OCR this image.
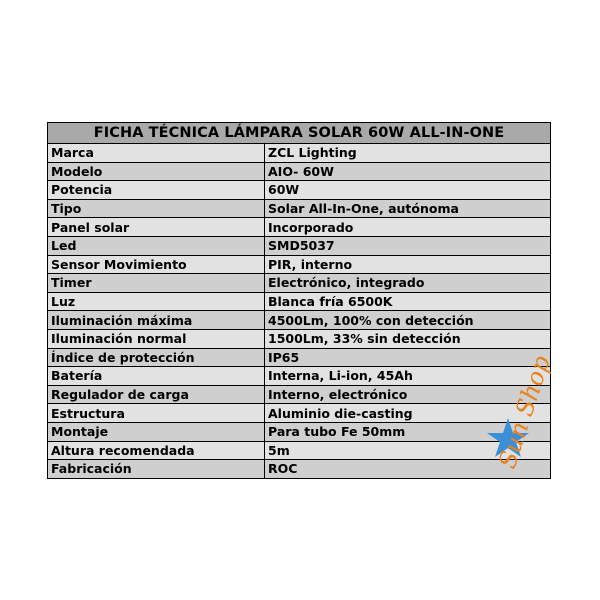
FICHA TÉCNICA LÁMPARA SOLAR 60W ALL-IN-ONE	
Marca	ZCL Lighting
Modelo	AIO- 60W
Potencia	60W
Tipo	Solar All-In-One, autónoma
Panel solar	Incorporado
Led	SMD5037
Sensor Movimiento	PIR, interno
Timer	Electrónico, integrado
Luz	Blanca fría 6500K
Iluminación máxima	4500Lm, 100% con detección
Iluminación normal	1500Lm, 33% sin detección
Índice de protección	IP65
Batería	Interna, Li-ion, 45Ah
Regulador de carga	Interno, electrónico
Estructura	Aluminio die-casting
Montaje	Para tubo Fe 50mm
Altura recomendada	5m
Fabricación	ROC	Sun Shop
